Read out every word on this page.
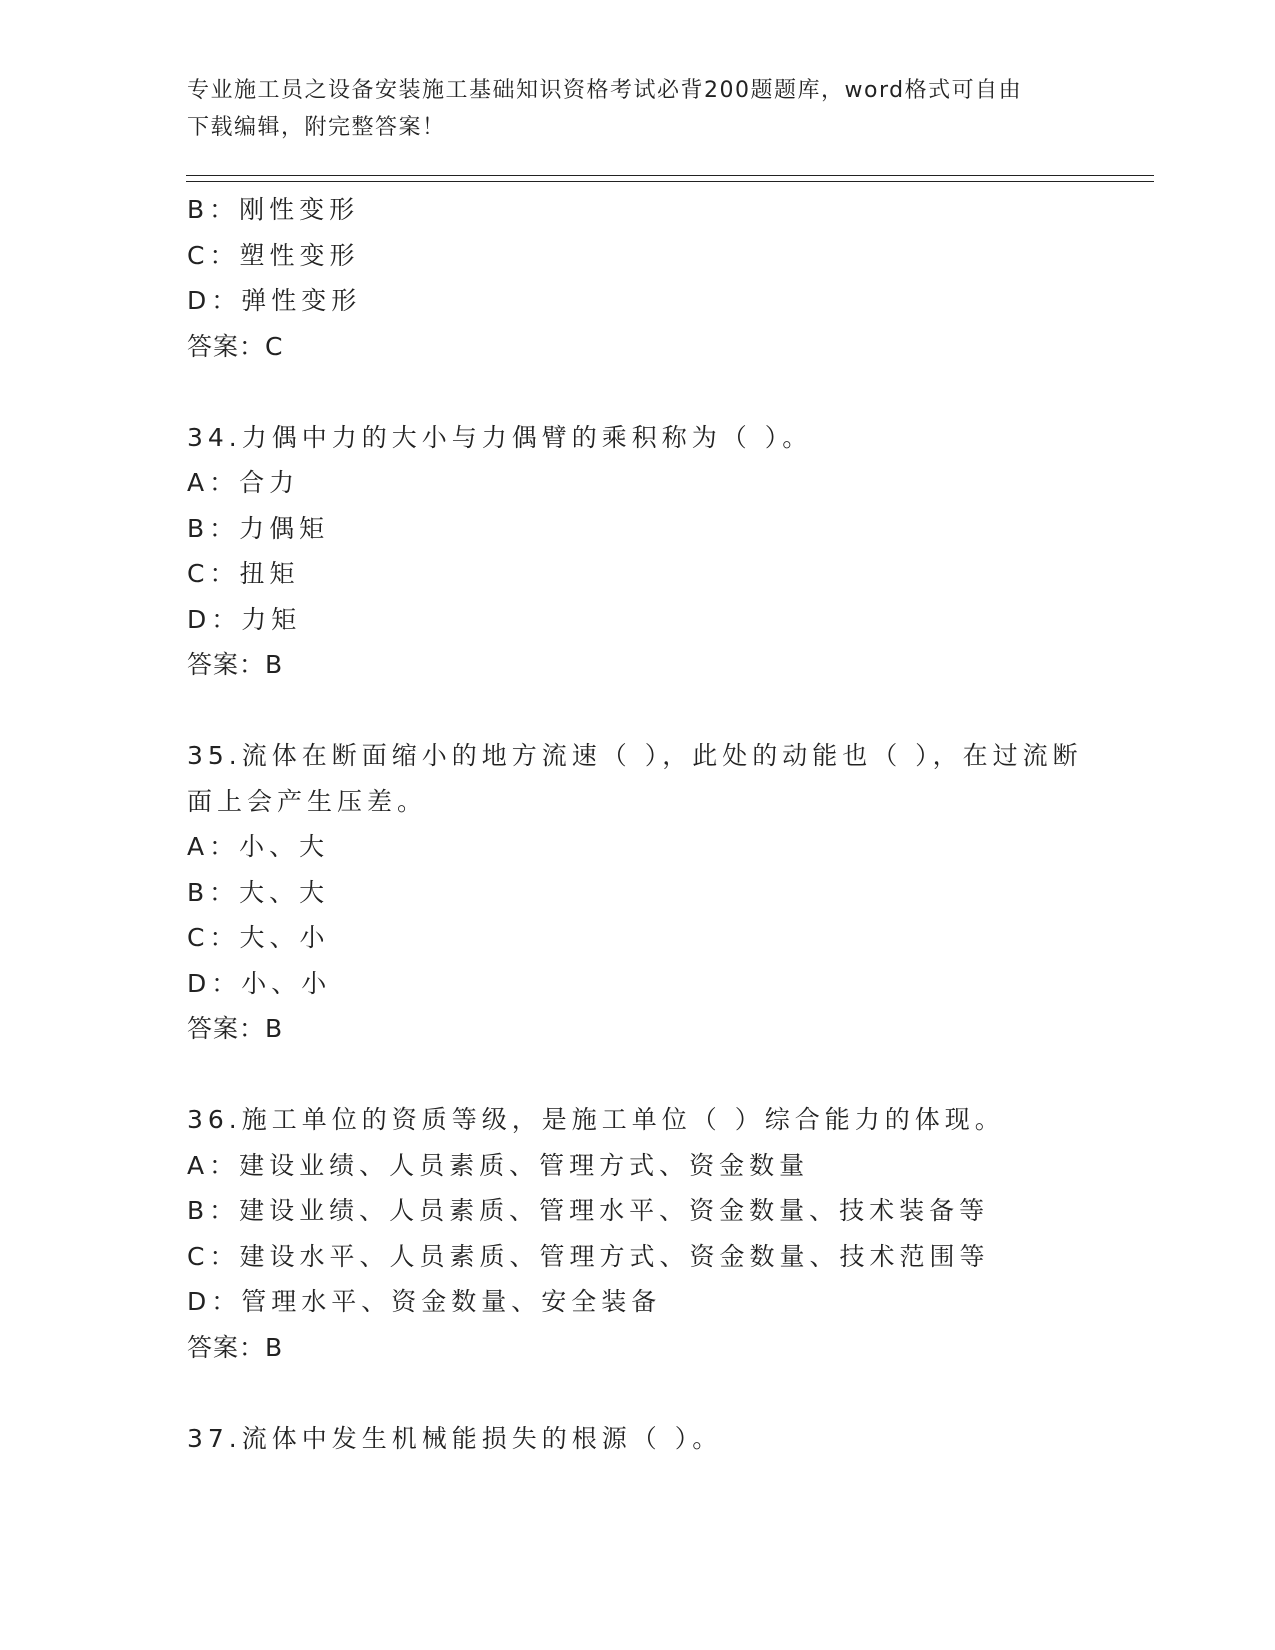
专业施工员之设备安装施工基础知识资格考试必背200题题库，word格式可自由
下载编辑，附完整答案！
B：刚性变形
C：塑性变形
D：弹性变形
答案：C
34.力偶中力的大小与力偶臂的乘积称为（ ）。
A：合力
B：力偶矩
C：扭矩
D：力矩
答案：B
35.流体在断面缩小的地方流速（ ），此处的动能也（ ），在过流断
面上会产生压差。
A：小、大
B：大、大
C：大、小
D：小、小
答案：B
36.施工单位的资质等级，是施工单位（ ）综合能力的体现。
A：建设业绩、人员素质、管理方式、资金数量
B：建设业绩、人员素质、管理水平、资金数量、技术装备等
C：建设水平、人员素质、管理方式、资金数量、技术范围等
D：管理水平、资金数量、安全装备
答案：B
37.流体中发生机械能损失的根源（ ）。
